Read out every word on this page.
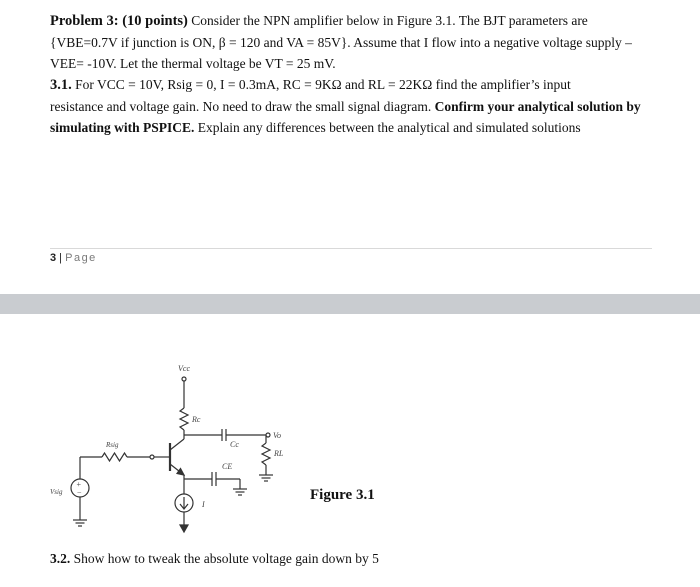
Problem 3: (10 points) Consider the NPN amplifier below in Figure 3.1. The BJT parameters are

{VBE=0.7V if junction is ON, β = 120 and VA = 85V}. Assume that I flow into a negative voltage supply –

VEE= -10V. Let the thermal voltage be VT = 25 mV.

3.1. For VCC = 10V, Rsig = 0, I = 0.3mA, RC = 9KΩ and RL = 22KΩ find the amplifier’s input

resistance and voltage gain. No need to draw the small signal diagram. Confirm your analytical solution by

simulating with PSPICE. Explain any differences between the analytical and simulated solutions

3 | Page
Vcc
Rc
Rsig	Cc
CE
RL
Vo
Vsig
I
+
−	Figure 3.1
3.2. Show how to tweak the absolute voltage gain down by 5
